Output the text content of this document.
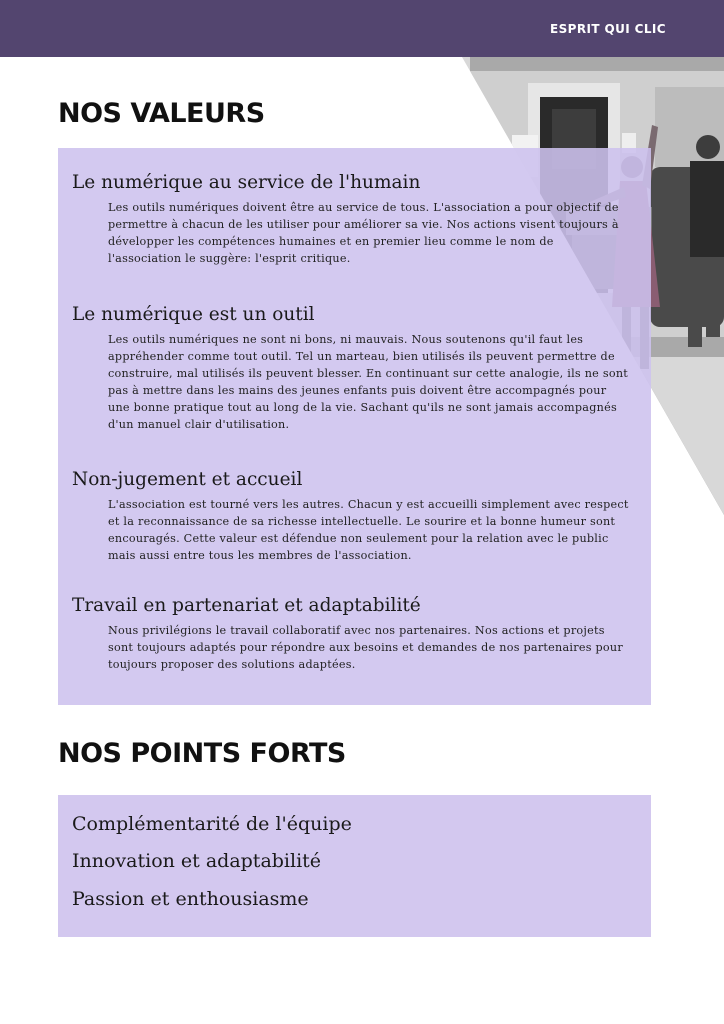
ESPRIT QUI CLIC
NOS VALEURS

Le numérique au service de l'humain

Les outils numériques doivent être au service de tous. L'association a pour objectif de permettre à chacun de les utiliser pour améliorer sa vie. Nos actions visent toujours à développer les compétences humaines et en premier lieu comme le nom de l'association le suggère: l'esprit critique.

Le numérique est un outil

Les outils numériques ne sont ni bons, ni mauvais. Nous soutenons qu'il faut les appréhender comme tout outil. Tel un marteau, bien utilisés ils peuvent permettre de construire, mal utilisés ils peuvent blesser. En continuant sur cette analogie, ils ne sont pas à mettre dans les mains des jeunes enfants puis doivent être accompagnés pour une bonne pratique tout au long de la vie. Sachant qu'ils ne sont jamais accompagnés d'un manuel clair d'utilisation.

Non-jugement et accueil

L'association est tourné vers les autres. Chacun y est accueilli simplement avec respect et la reconnaissance de sa richesse intellectuelle. Le sourire et la bonne humeur sont encouragés. Cette valeur est défendue non seulement pour la relation avec le public mais aussi entre tous les membres de l'association.

Travail en partenariat et adaptabilité

Nous privilégions le travail collaboratif avec nos partenaires. Nos actions et projets sont toujours adaptés pour répondre aux besoins et demandes de nos partenaires pour toujours proposer des solutions adaptées.

NOS POINTS FORTS
Complémentarité de l'équipe
Innovation et adaptabilité
Passion et enthousiasme
